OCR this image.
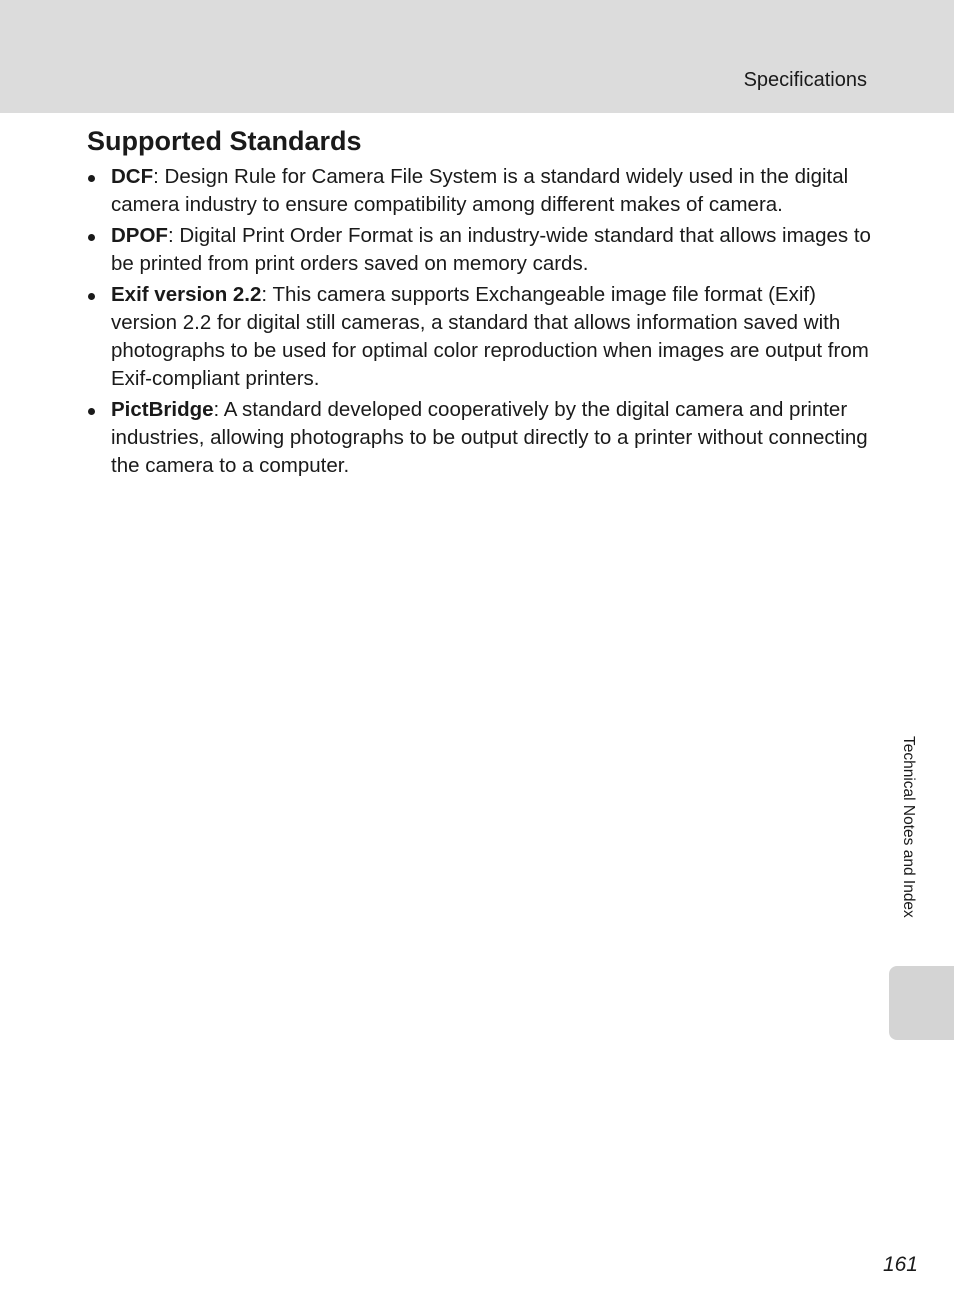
Specifications
Supported Standards
DCF: Design Rule for Camera File System is a standard widely used in the digital camera industry to ensure compatibility among different makes of camera.
DPOF: Digital Print Order Format is an industry-wide standard that allows images to be printed from print orders saved on memory cards.
Exif version 2.2: This camera supports Exchangeable image file format (Exif) version 2.2 for digital still cameras, a standard that allows information saved with photographs to be used for optimal color reproduction when images are output from Exif-compliant printers.
PictBridge: A standard developed cooperatively by the digital camera and printer industries, allowing photographs to be output directly to a printer without connecting the camera to a computer.
Technical Notes and Index
161
